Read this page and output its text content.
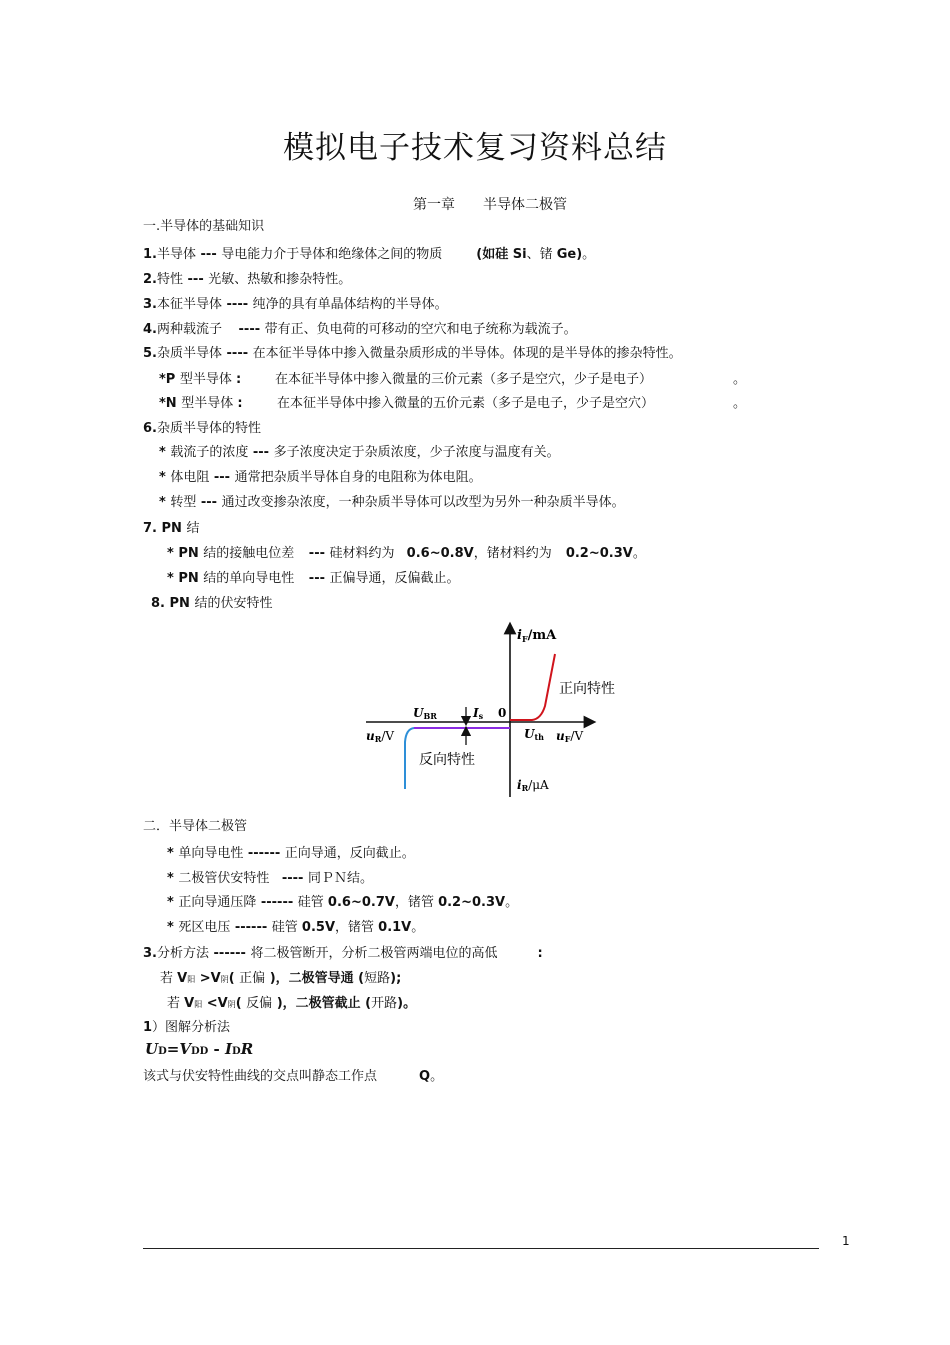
模拟电子技术复习资料总结
第一章　　半导体二极管
一.半导体的基础知识
1.半导体 --- 导电能力介于导体和绝缘体之间的物质	(如硅 Si、锗 Ge)。
2.特性 --- 光敏、热敏和掺杂特性。
3.本征半导体 ---- 纯净的具有单晶体结构的半导体。
4.两种载流子 ---- 带有正、负电荷的可移动的空穴和电子统称为载流子。
5.杂质半导体 ---- 在本征半导体中掺入微量杂质形成的半导体。体现的是半导体的掺杂特性。
*P 型半导体 :	在本征半导体中掺入微量的三价元素（多子是空穴，少子是电子）	。
*N 型半导体 :	在本征半导体中掺入微量的五价元素（多子是电子，少子是空穴）	。
6.杂质半导体的特性
* 载流子的浓度 --- 多子浓度决定于杂质浓度，少子浓度与温度有关。
* 体电阻 --- 通常把杂质半导体自身的电阻称为体电阻。
* 转型 --- 通过改变掺杂浓度，一种杂质半导体可以改型为另外一种杂质半导体。
7. PN 结
* PN 结的接触电位差 --- 硅材料约为 0.6~0.8V，锗材料约为 0.2~0.3V。
* PN 结的单向导电性 --- 正偏导通，反偏截止。
8. PN 结的伏安特性
$i_F/mA$
正向特性
UBR	Is 0
uR/V	Uth uF/V
反向特性
iR/μA
二．半导体二极管
* 单向导电性 ------ 正向导通，反向截止。
* 二极管伏安特性 ---- 同ＰＮ结。
* 正向导通压降 ------ 硅管 0.6~0.7V，锗管 0.2~0.3V。
* 死区电压 ------ 硅管 0.5V，锗管 0.1V。
3.分析方法 ------ 将二极管断开，分析二极管两端电位的高低	:
若 V阳 >V阴( 正偏 )，二极管导通 (短路);
若 V阳 <V阴( 反偏 )，二极管截止 (开路)。
1）图解分析法
UD=VDD - IDR
该式与伏安特性曲线的交点叫静态工作点	Q。
1
